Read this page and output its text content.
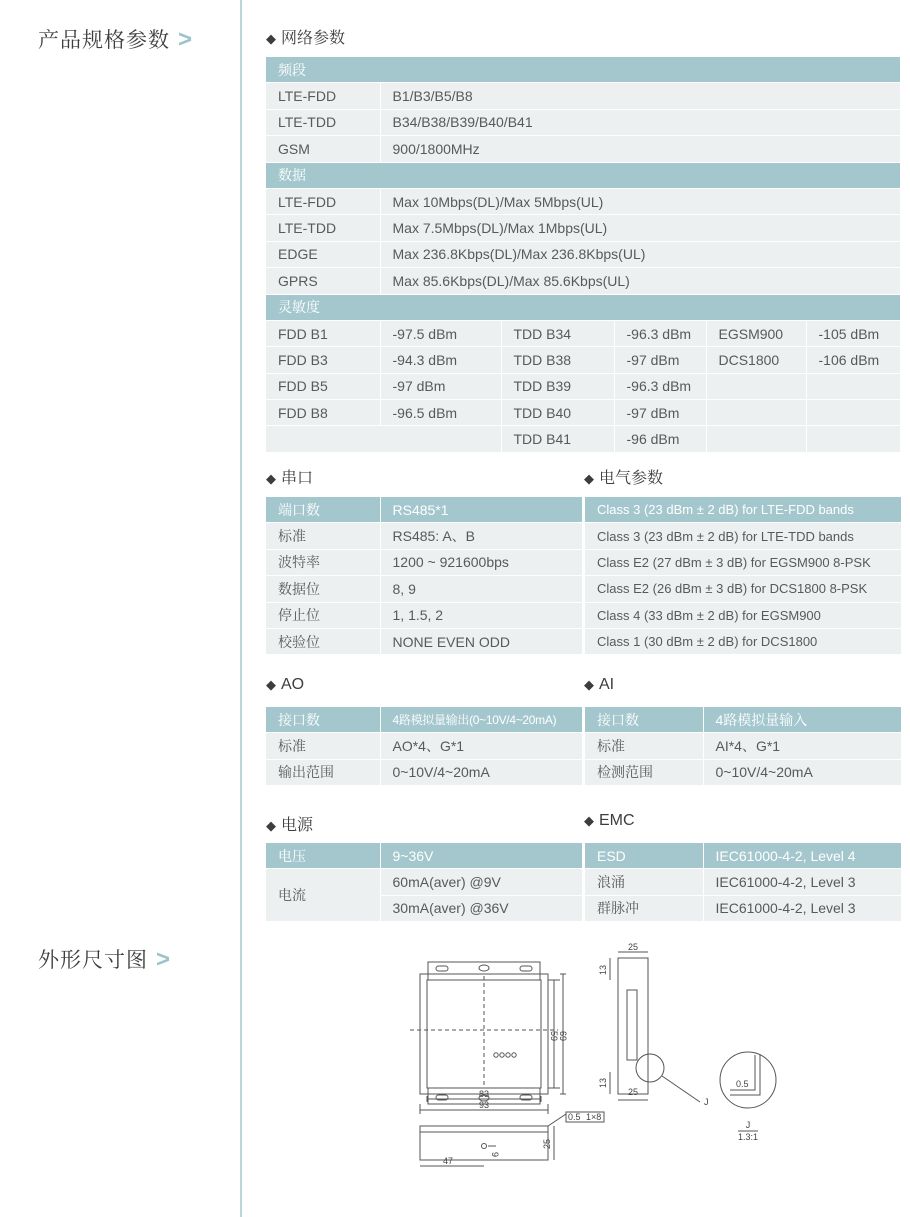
产品规格参数 >
外形尺寸图 >
◆ 网络参数
频段					
LTE-FDD	B1/B3/B5/B8				
LTE-TDD	B34/B38/B39/B40/B41				
GSM	900/1800MHz				
数据					
LTE-FDD	Max 10Mbps(DL)/Max 5Mbps(UL)				
LTE-TDD	Max 7.5Mbps(DL)/Max 1Mbps(UL)				
EDGE	Max 236.8Kbps(DL)/Max 236.8Kbps(UL)				
GPRS	Max 85.6Kbps(DL)/Max 85.6Kbps(UL)				
灵敏度					
FDD B1	-97.5 dBm	TDD B34	-96.3 dBm	EGSM900	-105 dBm
FDD B3	-94.3 dBm	TDD B38	-97 dBm	DCS1800	-106 dBm
FDD B5	-97 dBm	TDD B39	-96.3 dBm		
FDD B8	-96.5 dBm	TDD B40	-97 dBm		
		TDD B41	-96 dBm		
◆ 串口
端口数	RS485*1
标准	RS485: A、B
波特率	1200 ~ 921600bps
数据位	8, 9
停止位	1, 1.5, 2
校验位	NONE EVEN ODD
◆ 电气参数
Class 3 (23 dBm ± 2 dB) for LTE-FDD bands
Class 3 (23 dBm ± 2 dB) for LTE-TDD bands
Class E2 (27 dBm ± 3 dB) for EGSM900 8-PSK
Class E2 (26 dBm ± 3 dB) for DCS1800 8-PSK
Class 4 (33 dBm ± 2 dB) for EGSM900
Class 1 (30 dBm ± 2 dB) for DCS1800
◆ AO
接口数	4路模拟量输出(0~10V/4~20mA)
标准	AO*4、G*1
输出范围	0~10V/4~20mA
◆ AI
接口数	4路模拟量输入
标准	AI*4、G*1
检测范围	0~10V/4~20mA
◆ 电源
电压	9~36V
电流	60mA(aver) @9V
	30mA(aver) @36V
◆ EMC
ESD	IEC61000-4-2, Level 4
浪涌	IEC61000-4-2, Level 3
群脉冲	IEC61000-4-2, Level 3
59 69
83
93
25
13
13
25
J
0.5
J
1.3:1
47
9
25
0.5 1×8
